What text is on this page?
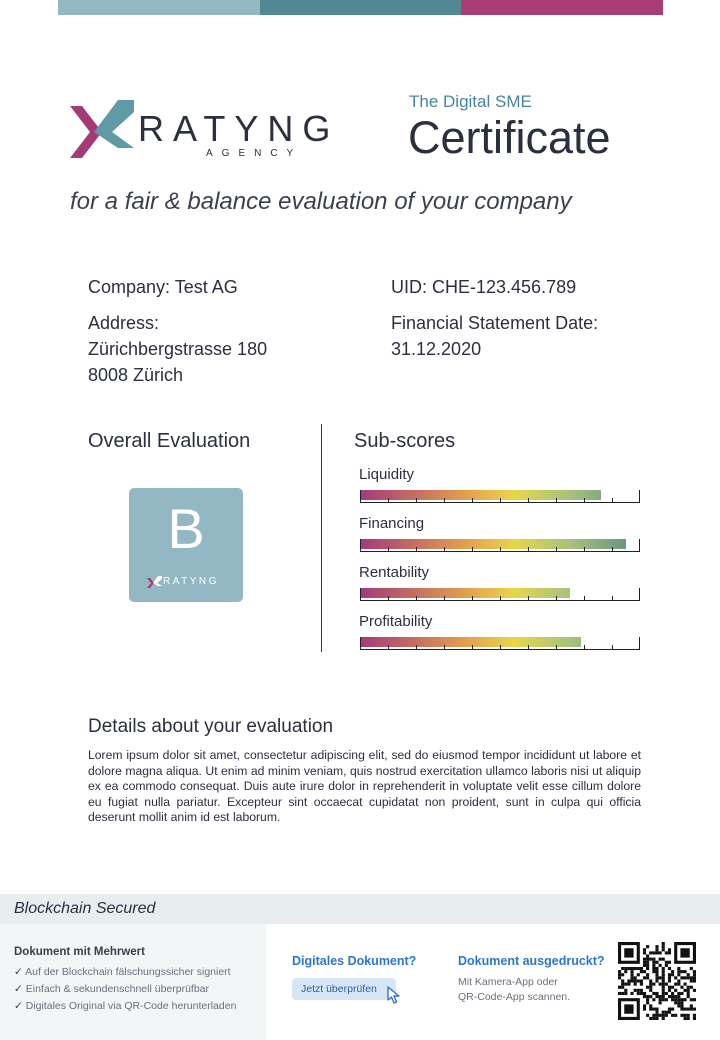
RATYNG
AGENCY
The Digital SME
Certificate
for a fair & balance evaluation of your company
Company: Test AG	UID: CHE-123.456.789
Address:
Zürichbergstrasse 180
8008 Zürich
Financial Statement Date:
31.12.2020
Overall Evaluation
B
RATYNG
Sub-scores
Liquidity
Financing
Rentability
Profitability
Details about your evaluation
Lorem ipsum dolor sit amet, consectetur adipiscing elit, sed do eiusmod tempor incididunt ut labore et dolore magna aliqua. Ut enim ad minim veniam, quis nostrud exercitation ullamco laboris nisi ut aliquip ex ea commodo consequat. Duis aute irure dolor in reprehenderit in voluptate velit esse cillum dolore eu fugiat nulla pariatur. Excepteur sint occaecat cupidatat non proident, sunt in culpa qui officia deserunt mollit anim id est laborum.
Blockchain Secured
Dokument mit Mehrwert
✓ Auf der Blockchain fälschungssicher signiert
✓ Einfach & sekundenschnell überprüfbar
✓ Digitales Original via QR-Code herunterladen
Digitales Dokument?
Jetzt überprüfen
Dokument ausgedruckt?
Mit Kamera-App oder
QR-Code-App scannen.
